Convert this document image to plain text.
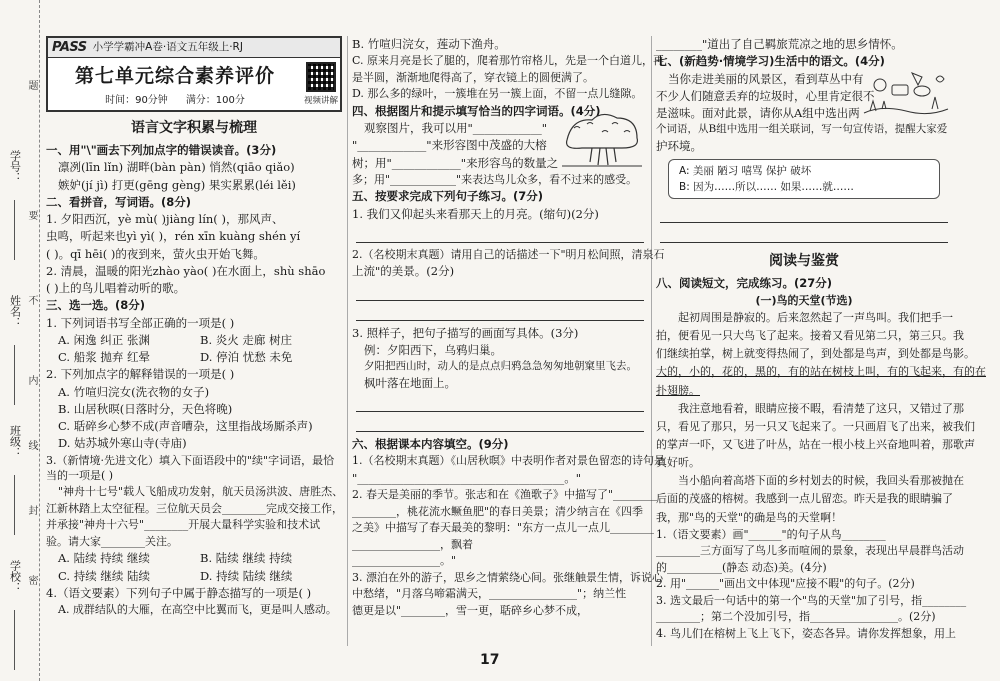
学号：
姓名：
班级：
学校：
题
要
不
内
线
封
密
PASS 小学学霸冲A卷·语文五年级上·RJ
第七单元综合素养评价
时间：90分钟 满分：100分	视频讲解
语言文字积累与梳理
一、用"\"画去下列加点字的错误读音。(3分)
凛冽(līn lǐn) 湖畔(bàn pàn) 悄然(qiāo qiǎo)
嫉妒(jí jì) 打更(gēng gèng) 果实累累(léi lěi)
二、看拼音，写词语。(8分)
1. 夕阳西沉，yè mù( )jiàng lín( )，那风声、
虫鸣，听起来也yì yì( )，rén xīn kuàng shén yí
( )。qī hēi( )的夜到来，萤火虫开始飞舞。
2. 清晨，温暖的阳光zhào yào( )在水面上，shù shāo
( )上的鸟儿唱着动听的歌。
三、选一选。(8分)
1. 下列词语书写全部正确的一项是( )
A. 闲逸 纠正 张渊	B. 炎火 走廊 树庄
C. 船浆 抛弃 红晕	D. 停泊 忧愁 未免
2. 下列加点字的解释错误的一项是( )
A. 竹喧归浣女(洗衣物的女子)
B. 山居秋暝(日落时分，天色将晚)
C. 聒碎乡心梦不成(声音嘈杂，这里指战场厮杀声)
D. 姑苏城外寒山寺(寺庙)
3.（新情境·先进文化）填入下面语段中的"续"字词语，最恰当的一项是( )
"神舟十七号"载人飞船成功发射，航天员汤洪波、唐胜杰、
江新林踏上太空征程。三位航天员会________完成交接工作，
并承接"神舟十六号"________开展大量科学实验和技术试
验。请大家________关注。
A. 陆续 持续 继续	B. 陆续 继续 持续
C. 持续 继续 陆续	D. 持续 陆续 继续
4.（语文要素）下列句子中属于静态描写的一项是( )
A. 成群结队的大雁，在高空中比翼而飞，更是叫人感动。
B. 竹喧归浣女，莲动下渔舟。
C. 原来月亮是长了腿的，爬着那竹帘格儿，先是一个白道儿，再
是半圆，渐渐地爬得高了，穿衣镜上的圆便满了。
D. 那么多的绿叶，一簇堆在另一簇上面，不留一点儿缝隙。
四、根据图片和提示填写恰当的四字词语。(4分)
观察图片，我可以用"____________"
"____________"来形容图中茂盛的大榕
树；用"____________"来形容鸟的数量之
多；用"____________"来表达鸟儿众多，看不过来的感受。
五、按要求完成下列句子练习。(7分)
1. 我们又仰起头来看那天上的月亮。(缩句)(2分)
2.（名校期末真题）请用自己的话描述一下"明月松间照，清泉石
上流"的美景。(2分)
3. 照样子，把句子描写的画面写具体。(3分)
例：夕阳西下，乌鸦归巢。
夕阳把西山时，动人的是点点归鸦急急匆匆地朝窠里飞去。
枫叶落在地面上。
六、根据课本内容填空。(9分)
1.（名校期末真题）《山居秋暝》中表明作者对景色留恋的诗句是
"____________________________________。"
2. 春天是美丽的季节。张志和在《渔歌子》中描写了"________
________，桃花流水鳜鱼肥"的春日美景；清少纳言在《四季
之美》中描写了春天最美的黎明："东方一点儿一点儿________
________________，飘着
________________。"
3. 漂泊在外的游子，思乡之情萦绕心间。张继触景生情，诉说心
中愁绪，"月落乌啼霜满天，________________"；纳兰性
德更是以"________，雪一更，聒碎乡心梦不成，
________"道出了自己羁旅荒凉之地的思乡情怀。
七、(新趋势·情境学习)生活中的语文。(4分)
当你走进美丽的风景区，看到草丛中有
不少人们随意丢弃的垃圾时，心里肯定很不
是滋味。面对此景，请你从A组中选出两
个词语，从B组中选用一组关联词，写一句宣传语，提醒大家爱
护环境。
A: 美丽 陋习 嘻骂 保护 破坏
B: 因为……所以…… 如果……就……
阅读与鉴赏
八、阅读短文，完成练习。(27分)
(一)鸟的天堂(节选)
起初周围是静寂的。后来忽然起了一声鸟叫。我们把手一
拍，便看见一只大鸟飞了起来。接着又看见第二只，第三只。我
们继续拍掌，树上就变得热闹了，到处都是鸟声，到处都是鸟影。
大的，小的，花的，黑的，有的站在树枝上叫，有的飞起来，有的在
扑翅膀。
我注意地看着，眼睛应接不暇，看清楚了这只，又错过了那
只，看见了那只，另一只又飞起来了。一只画眉飞了出来，被我们
的掌声一吓，又飞进了叶丛，站在一根小枝上兴奋地叫着，那歌声
真好听。
当小船向着高塔下面的乡村划去的时候，我回头看那被抛在
后面的茂盛的榕树。我感到一点儿留恋。昨天是我的眼睛骗了
我，那"鸟的天堂"的确是鸟的天堂啊！
1.（语文要素）画"______"的句子从鸟________
________三方面写了鸟儿多而喧闹的景象，表现出早晨群鸟活动
的__________(静态 动态)美。(4分)
2. 用"______"画出文中体现"应接不暇"的句子。(2分)
3. 选文最后一句话中的第一个"鸟的天堂"加了引号，指________
________；第二个没加引号，指________________。(2分)
4. 鸟儿们在榕树上飞上飞下，姿态各异。请你发挥想象，用上
17
